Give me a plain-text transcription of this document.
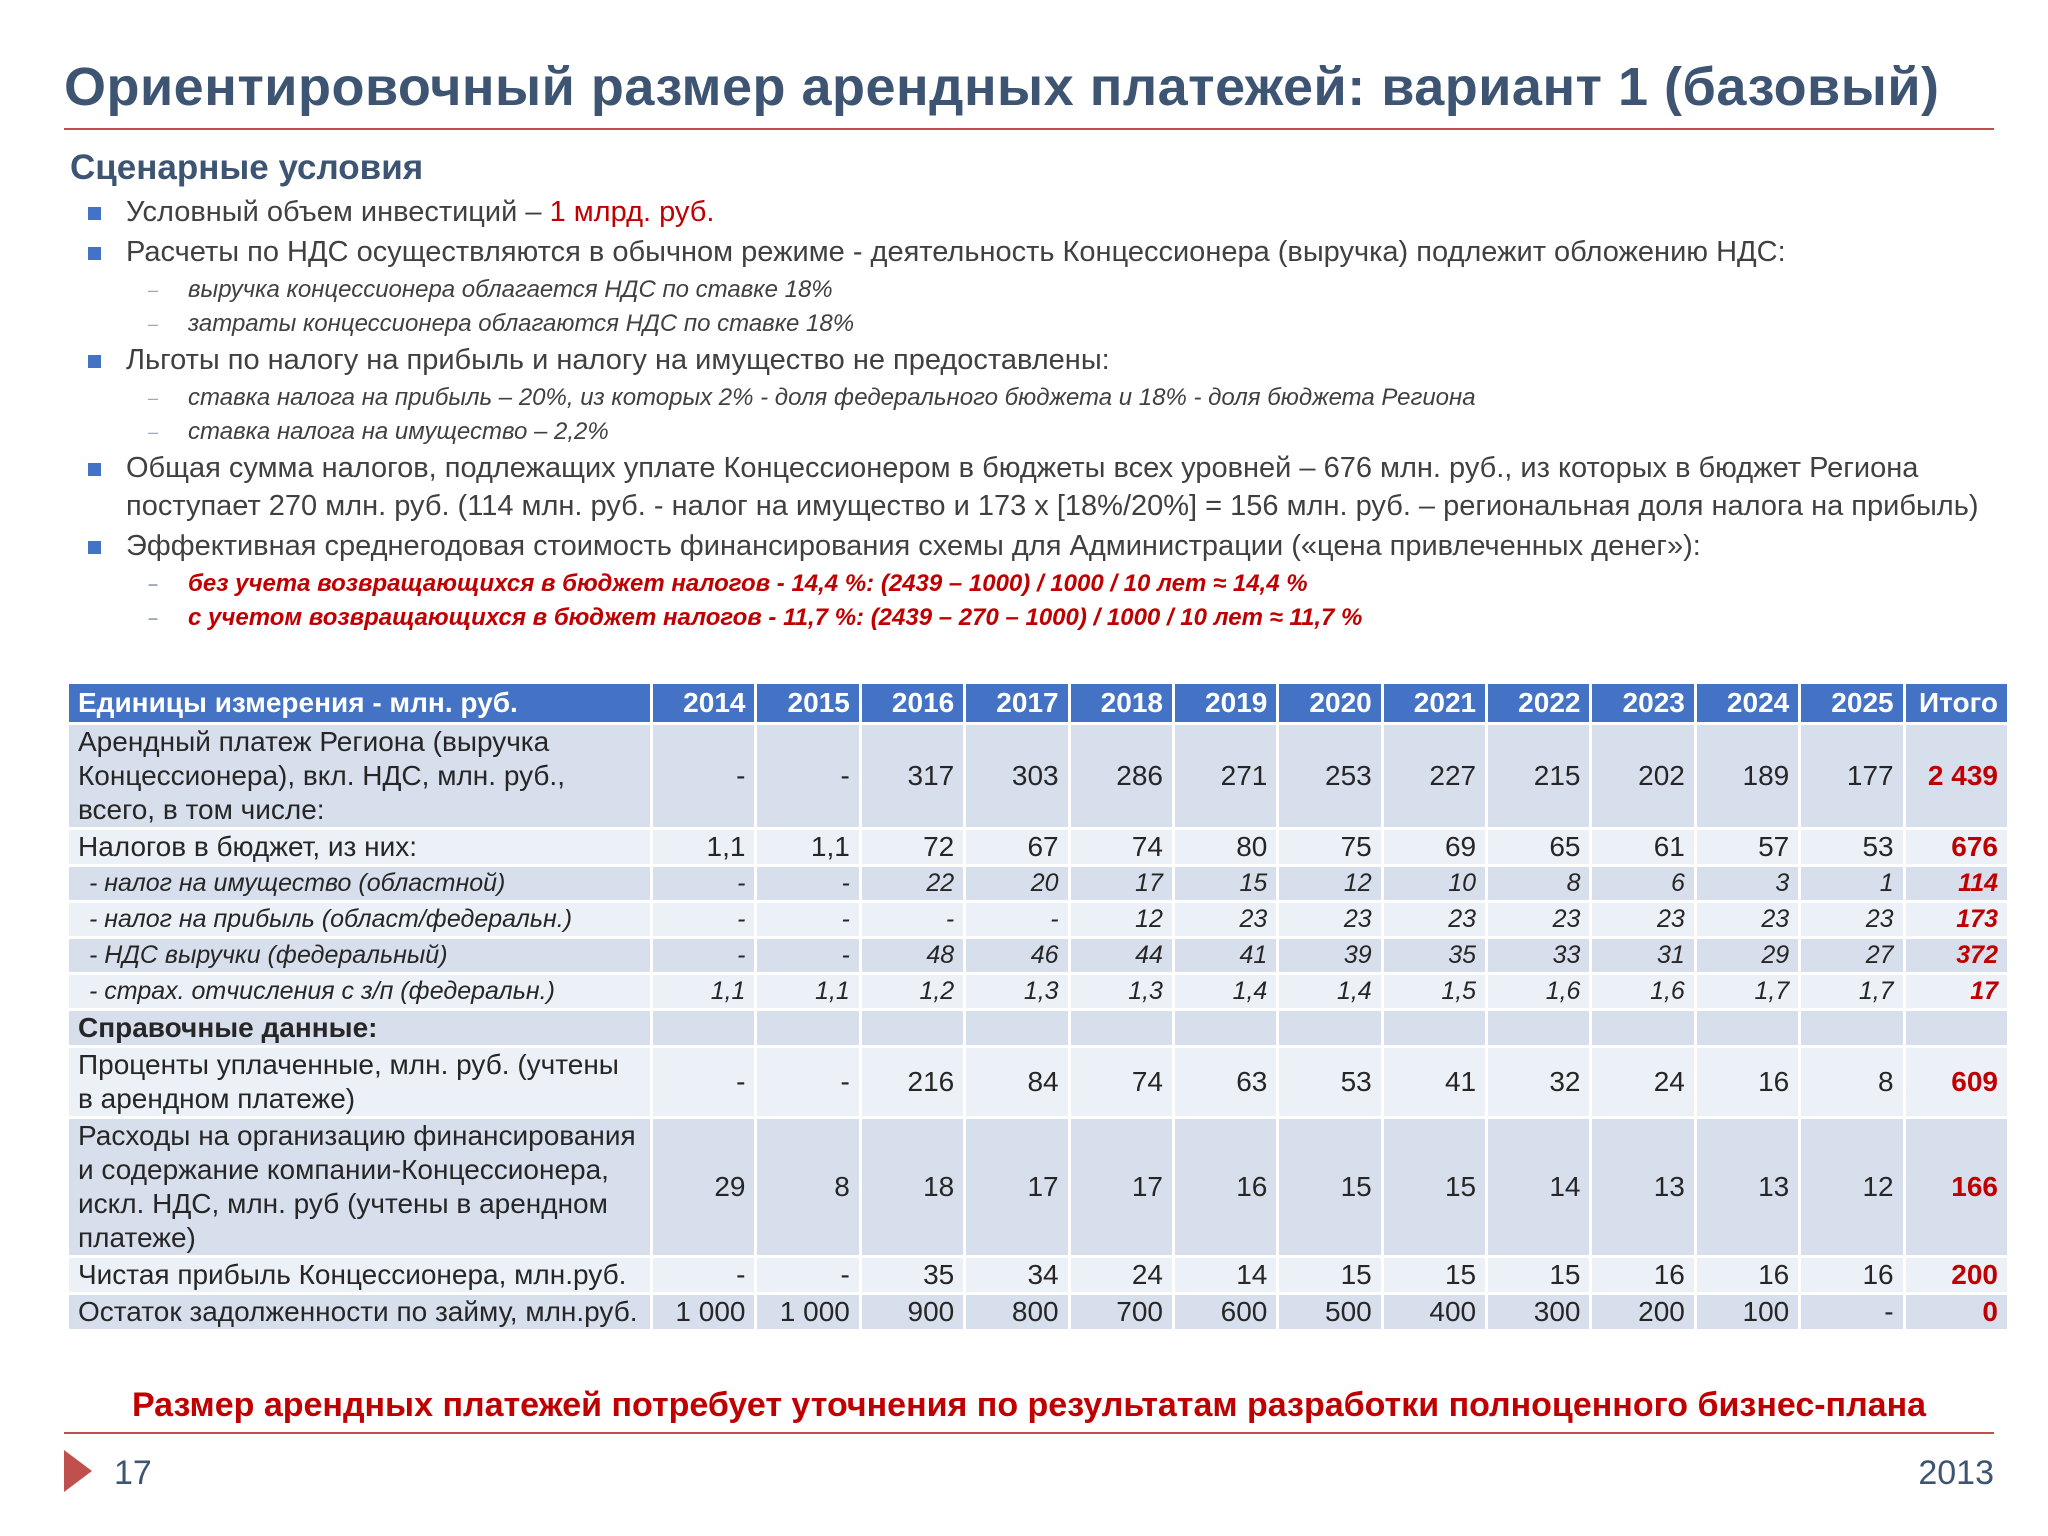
Ориентировочный размер арендных платежей: вариант 1 (базовый)
Сценарные условия
Условный объем инвестиций – 1 млрд. руб.
Расчеты по НДС осуществляются в обычном режиме - деятельность Концессионера (выручка) подлежит обложению НДС:
– выручка концессионера облагается НДС по ставке 18%
– затраты концессионера облагаются НДС по ставке 18%
Льготы по налогу на прибыль и налогу на имущество не предоставлены:
– ставка налога на прибыль – 20%, из которых 2% - доля федерального бюджета и 18% - доля бюджета Региона
– ставка налога на имущество – 2,2%
Общая сумма налогов, подлежащих уплате Концессионером в бюджеты всех уровней – 676 млн. руб., из которых в бюджет Региона поступает 270 млн. руб. (114 млн. руб. - налог на имущество и 173 х [18%/20%] = 156 млн. руб. – региональная доля налога на прибыль)
Эффективная среднегодовая стоимость финансирования схемы для Администрации («цена привлеченных денег»):
– без учета возвращающихся в бюджет налогов - 14,4 %: (2439 – 1000) / 1000 / 10 лет ≈ 14,4 %
– с учетом возвращающихся в бюджет налогов - 11,7 %: (2439 – 270 – 1000) / 1000 / 10 лет ≈ 11,7 %
Единицы измерения - млн. руб.	2014	2015	2016	2017	2018	2019	2020	2021	2022	2023	2024	2025	Итого
Арендный платеж Региона (выручка Концессионера), вкл. НДС, млн. руб., всего, в том числе:	-	-	317	303	286	271	253	227	215	202	189	177	2 439
Налогов в бюджет, из них:	1,1	1,1	72	67	74	80	75	69	65	61	57	53	676
- налог на имущество (областной)	-	-	22	20	17	15	12	10	8	6	3	1	114
- налог на прибыль (област/федеральн.)	-	-	-	-	12	23	23	23	23	23	23	23	173
- НДС выручки (федеральный)	-	-	48	46	44	41	39	35	33	31	29	27	372
- страх. отчисления с з/п (федеральн.)	1,1	1,1	1,2	1,3	1,3	1,4	1,4	1,5	1,6	1,6	1,7	1,7	17
Справочные данные:													
Проценты уплаченные, млн. руб. (учтены в арендном платеже)	-	-	216	84	74	63	53	41	32	24	16	8	609
Расходы на организацию финансирования и содержание компании-Концессионера, искл. НДС, млн. руб (учтены в арендном платеже)	29	8	18	17	17	16	15	15	14	13	13	12	166
Чистая прибыль Концессионера, млн.руб.	-	-	35	34	24	14	15	15	15	16	16	16	200
Остаток задолженности по займу, млн.руб.	1 000	1 000	900	800	700	600	500	400	300	200	100	-	0
Размер арендных платежей потребует уточнения по результатам разработки полноценного бизнес-плана
17	2013
